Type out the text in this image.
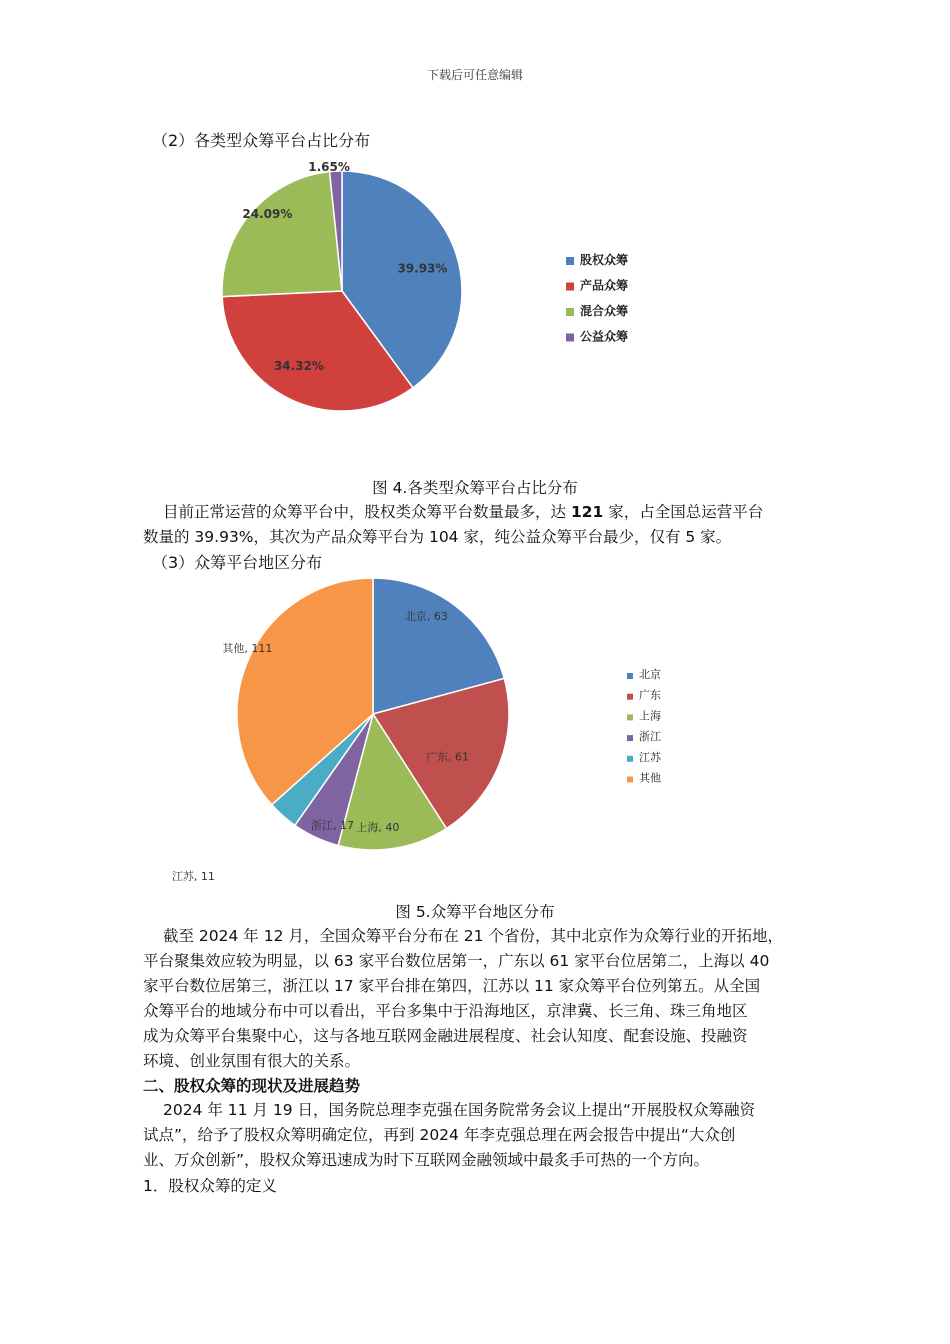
下载后可任意编辑
（2）各类型众筹平台占比分布
39.93%
34.32%
24.09%
1.65%
股权众筹
产品众筹
混合众筹
公益众筹
图 4.各类型众筹平台占比分布
目前正常运营的众筹平台中，股权类众筹平台数量最多，达 121 家，占全国总运营平台
数量的 39.93%，其次为产品众筹平台为 104 家，纯公益众筹平台最少，仅有 5 家。
（3）众筹平台地区分布
北京, 63
广东, 61
上海, 40
浙江, 17
江苏, 11
其他, 111
北京
广东
上海
浙江
江苏
其他
图 5.众筹平台地区分布
截至 2024 年 12 月，全国众筹平台分布在 21 个省份，其中北京作为众筹行业的开拓地，
平台聚集效应较为明显，以 63 家平台数位居第一，广东以 61 家平台位居第二，上海以 40
家平台数位居第三，浙江以 17 家平台排在第四，江苏以 11 家众筹平台位列第五。从全国
众筹平台的地域分布中可以看出，平台多集中于沿海地区，京津冀、长三角、珠三角地区
成为众筹平台集聚中心，这与各地互联网金融进展程度、社会认知度、配套设施、投融资
环境、创业氛围有很大的关系。
二、股权众筹的现状及进展趋势
2024 年 11 月 19 日，国务院总理李克强在国务院常务会议上提出“开展股权众筹融资
试点”，给予了股权众筹明确定位，再到 2024 年李克强总理在两会报告中提出“大众创
业、万众创新”，股权众筹迅速成为时下互联网金融领域中最炙手可热的一个方向。
1．股权众筹的定义
